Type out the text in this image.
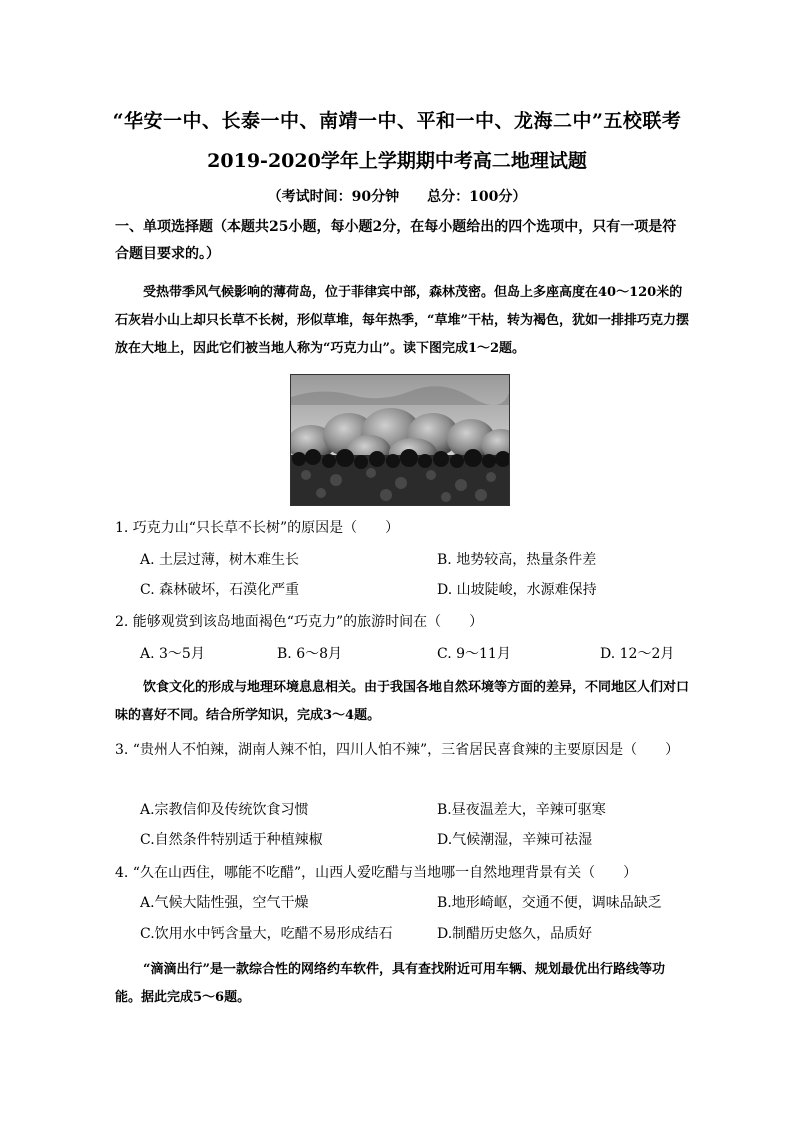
“华安一中、长泰一中、南靖一中、平和一中、龙海二中”五校联考
2019-2020学年上学期期中考高二地理试题
（考试时间：90分钟　　总分：100分）
一、单项选择题（本题共25小题，每小题2分，在每小题给出的四个选项中，只有一项是符合题目要求的。）
受热带季风气候影响的薄荷岛，位于菲律宾中部，森林茂密。但岛上多座高度在40～120米的石灰岩小山上却只长草不长树，形似草堆，每年热季，“草堆”干枯，转为褐色，犹如一排排巧克力摆放在大地上，因此它们被当地人称为“巧克力山”。读下图完成1～2题。
1. 巧克力山“只长草不长树”的原因是（　　）
A. 土层过薄，树木难生长	B. 地势较高，热量条件差
C. 森林破坏，石漠化严重	D. 山坡陡峻，水源难保持
2. 能够观赏到该岛地面褐色“巧克力”的旅游时间在（　　）
A. 3～5月	B. 6～8月	C. 9～11月	D. 12～2月
饮食文化的形成与地理环境息息相关。由于我国各地自然环境等方面的差异，不同地区人们对口味的喜好不同。结合所学知识，完成3～4题。
3. “贵州人不怕辣，湖南人辣不怕，四川人怕不辣”，三省居民喜食辣的主要原因是（　　）
A.宗教信仰及传统饮食习惯	B.昼夜温差大，辛辣可驱寒
C.自然条件特别适于种植辣椒	D.气候潮湿，辛辣可祛湿
4. “久在山西住，哪能不吃醋”，山西人爱吃醋与当地哪一自然地理背景有关（　　）
A.气候大陆性强，空气干燥	B.地形崎岖，交通不便，调味品缺乏
C.饮用水中钙含量大，吃醋不易形成结石	D.制醋历史悠久，品质好
“滴滴出行”是一款综合性的网络约车软件，具有查找附近可用车辆、规划最优出行路线等功能。据此完成5～6题。
